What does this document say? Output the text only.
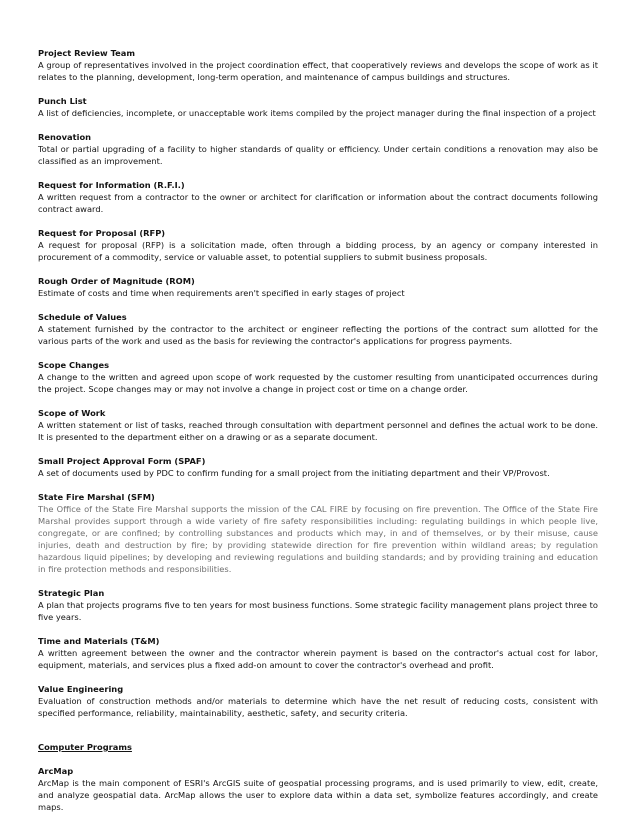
Project Review Team

A group of representatives involved in the project coordination effect, that cooperatively reviews and develops the scope of work as it relates to the planning, development, long-term operation, and maintenance of campus buildings and structures.

Punch List

A list of deficiencies, incomplete, or unacceptable work items compiled by the project manager during the final inspection of a project

Renovation

Total or partial upgrading of a facility to higher standards of quality or efficiency. Under certain conditions a renovation may also be classified as an improvement.

Request for Information (R.F.I.)

A written request from a contractor to the owner or architect for clarification or information about the contract documents following contract award.

Request for Proposal (RFP)

A request for proposal (RFP) is a solicitation made, often through a bidding process, by an agency or company interested in procurement of a commodity, service or valuable asset, to potential suppliers to submit business proposals.

Rough Order of Magnitude (ROM)

Estimate of costs and time when requirements aren't specified in early stages of project

Schedule of Values

A statement furnished by the contractor to the architect or engineer reflecting the portions of the contract sum allotted for the various parts of the work and used as the basis for reviewing the contractor's applications for progress payments.

Scope Changes

A change to the written and agreed upon scope of work requested by the customer resulting from unanticipated occurrences during the project. Scope changes may or may not involve a change in project cost or time on a change order.

Scope of Work

A written statement or list of tasks, reached through consultation with department personnel and defines the actual work to be done. It is presented to the department either on a drawing or as a separate document.

Small Project Approval Form (SPAF)

A set of documents used by PDC to confirm funding for a small project from the initiating department and their VP/Provost.

State Fire Marshal (SFM)

The Office of the State Fire Marshal supports the mission of the CAL FIRE by focusing on fire prevention. The Office of the State Fire Marshal provides support through a wide variety of fire safety responsibilities including: regulating buildings in which people live, congregate, or are confined; by controlling substances and products which may, in and of themselves, or by their misuse, cause injuries, death and destruction by fire; by providing statewide direction for fire prevention within wildland areas; by regulation hazardous liquid pipelines; by developing and reviewing regulations and building standards; and by providing training and education in fire protection methods and responsibilities.

Strategic Plan

A plan that projects programs five to ten years for most business functions. Some strategic facility management plans project three to five years.

Time and Materials (T&M)

A written agreement between the owner and the contractor wherein payment is based on the contractor's actual cost for labor, equipment, materials, and services plus a fixed add-on amount to cover the contractor's overhead and profit.

Value Engineering

Evaluation of construction methods and/or materials to determine which have the net result of reducing costs, consistent with specified performance, reliability, maintainability, aesthetic, safety, and security criteria.

Computer Programs

ArcMap

ArcMap is the main component of ESRI's ArcGIS suite of geospatial processing programs, and is used primarily to view, edit, create, and analyze geospatial data. ArcMap allows the user to explore data within a data set, symbolize features accordingly, and create maps.
